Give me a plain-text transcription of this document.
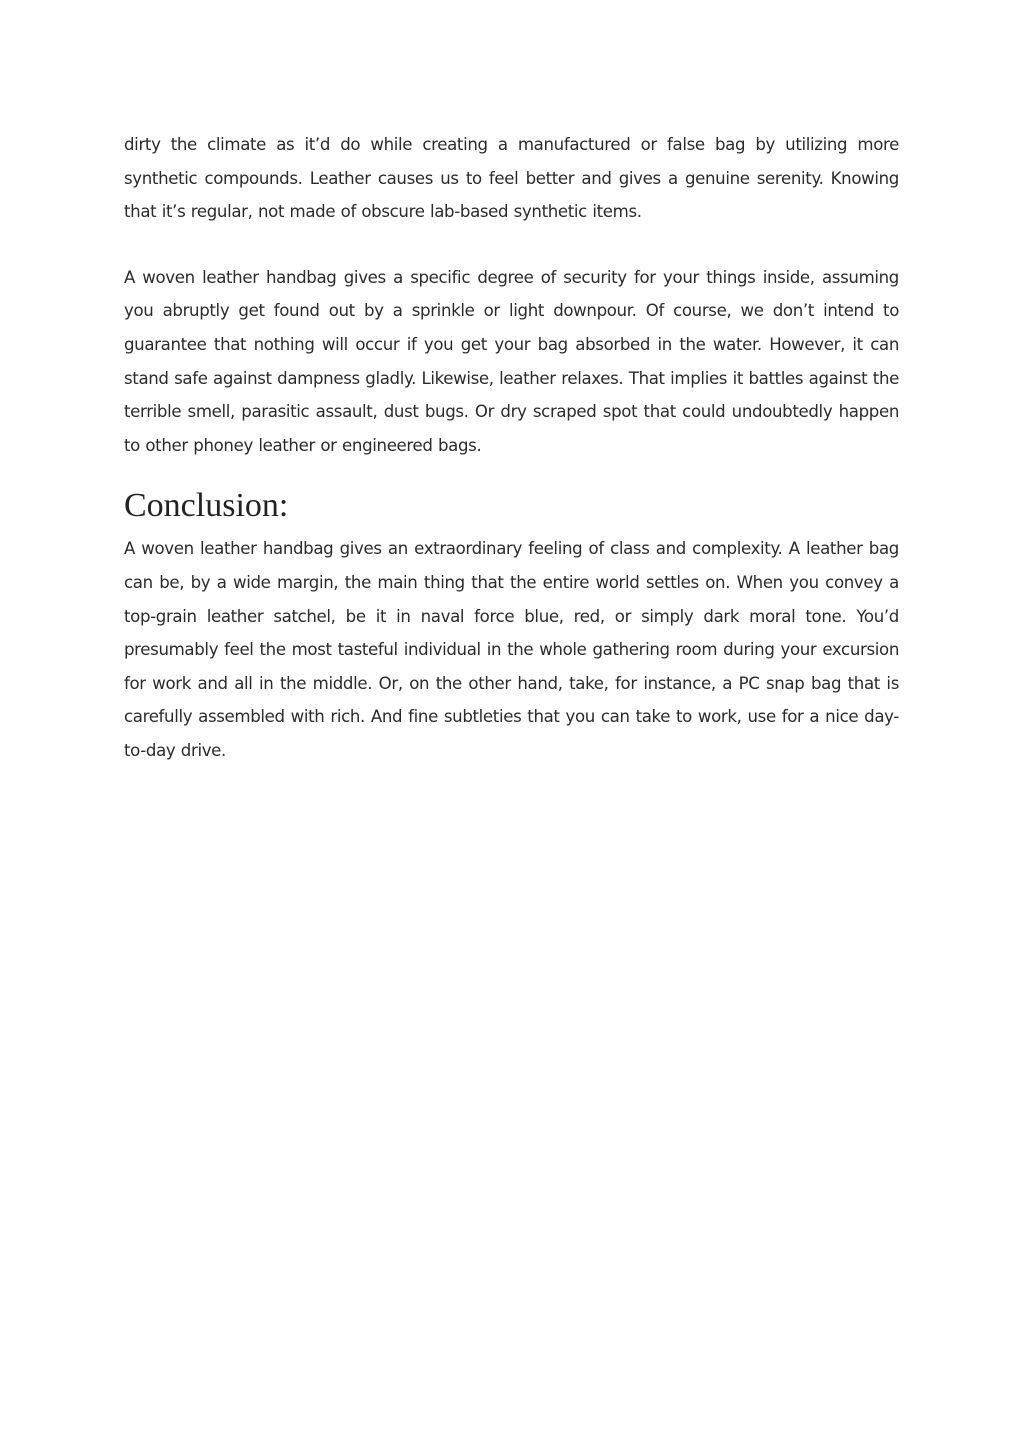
dirty the climate as it’d do while creating a manufactured or false bag by utilizing more synthetic compounds. Leather causes us to feel better and gives a genuine serenity. Knowing that it’s regular, not made of obscure lab-based synthetic items.

A woven leather handbag gives a specific degree of security for your things inside, assuming you abruptly get found out by a sprinkle or light downpour. Of course, we don’t intend to guarantee that nothing will occur if you get your bag absorbed in the water. However, it can stand safe against dampness gladly. Likewise, leather relaxes. That implies it battles against the terrible smell, parasitic assault, dust bugs. Or dry scraped spot that could undoubtedly happen to other phoney leather or engineered bags.

Conclusion:

A woven leather handbag gives an extraordinary feeling of class and complexity. A leather bag can be, by a wide margin, the main thing that the entire world settles on. When you convey a top-grain leather satchel, be it in naval force blue, red, or simply dark moral tone. You’d presumably feel the most tasteful individual in the whole gathering room during your excursion for work and all in the middle. Or, on the other hand, take, for instance, a PC snap bag that is carefully assembled with rich. And fine subtleties that you can take to work, use for a nice day-to-day drive.
